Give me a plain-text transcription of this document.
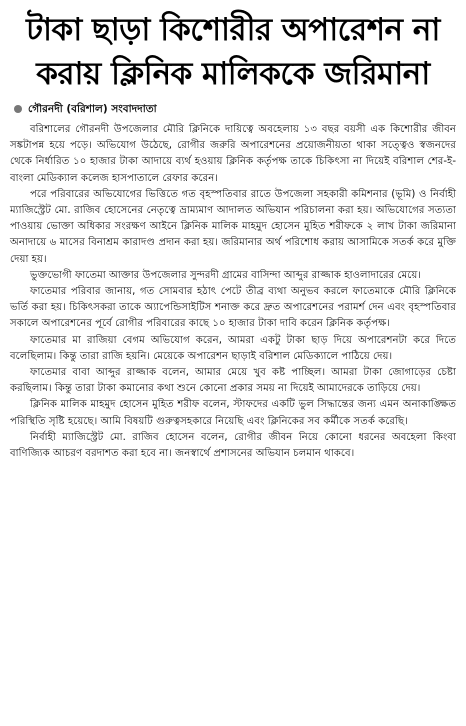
টাকা ছাড়া কিশোরীর অপারেশন না করায় ক্লিনিক মালিককে জরিমানা
গৌরনদী (বরিশাল) সংবাদদাতা

বরিশালের গৌরনদী উপজেলার মৌরি ক্লিনিকে দায়িত্বে অবহেলায় ১৩ বছর বয়সী এক কিশোরীর জীবন সঙ্কটাপন্ন হয়ে পড়ে। অভিযোগ উঠেছে, রোগীর জরুরি অপারেশনের প্রয়োজনীয়তা থাকা সত্ত্বেও স্বজনদের থেকে নির্ধারিত ১০ হাজার টাকা আদায়ে ব্যর্থ হওয়ায় ক্লিনিক কর্তৃপক্ষ তাকে চিকিৎসা না দিয়েই বরিশাল শের-ই-বাংলা মেডিক্যাল কলেজ হাসপাতালে রেফার করেন।

পরে পরিবারের অভিযোগের ভিত্তিতে গত বৃহস্পতিবার রাতে উপজেলা সহকারী কমিশনার (ভূমি) ও নির্বাহী ম্যাজিস্ট্রেট মো. রাজিব হোসেনের নেতৃত্বে ভ্রাম্যমাণ আদালত অভিযান পরিচালনা করা হয়। অভিযোগের সত্যতা পাওয়ায় ভোক্তা অধিকার সংরক্ষণ আইনে ক্লিনিক মালিক মাহমুদ হোসেন মুহিত শরীফকে ২ লাখ টাকা জরিমানা অনাদায়ে ৬ মাসের বিনাশ্রম কারাদণ্ড প্রদান করা হয়। জরিমানার অর্থ পরিশোধ করায় আসামিকে সতর্ক করে মুক্তি দেয়া হয়।

ভুক্তভোগী ফাতেমা আক্তার উপজেলার সুন্দরদী গ্রামের বাসিন্দা আব্দুর রাজ্জাক হাওলাদারের মেয়ে।

ফাতেমার পরিবার জানায়, গত সোমবার হঠাৎ পেটে তীব্র ব্যথা অনুভব করলে ফাতেমাকে মৌরি ক্লিনিকে ভর্তি করা হয়। চিকিৎসকরা তাকে অ্যাপেন্ডিসাইটিস শনাক্ত করে দ্রুত অপারেশনের পরামর্শ দেন এবং বৃহস্পতিবার সকালে অপারেশনের পূর্বে রোগীর পরিবারের কাছে ১০ হাজার টাকা দাবি করেন ক্লিনিক কর্তৃপক্ষ।

ফাতেমার মা রাজিয়া বেগম অভিযোগ করেন, আমরা একটু টাকা ছাড় দিয়ে অপারেশনটা করে দিতে বলেছিলাম। কিন্তু তারা রাজি হয়নি। মেয়েকে অপারেশন ছাড়াই বরিশাল মেডিক্যালে পাঠিয়ে দেয়।

ফাতেমার বাবা আব্দুর রাজ্জাক বলেন, আমার মেয়ে খুব কষ্ট পাচ্ছিল। আমরা টাকা জোগাড়ের চেষ্টা করছিলাম। কিন্তু তারা টাকা কমানোর কথা শুনে কোনো প্রকার সময় না দিয়েই আমাদেরকে তাড়িয়ে দেয়।

ক্লিনিক মালিক মাহমুদ হোসেন মুহিত শরীফ বলেন, স্টাফদের একটি ভুল সিদ্ধান্তের জন্য এমন অনাকাঙ্ক্ষিত পরিস্থিতি সৃষ্টি হয়েছে। আমি বিষয়টি গুরুত্বসহকারে নিয়েছি এবং ক্লিনিকের সব কর্মীকে সতর্ক করেছি।

নির্বাহী ম্যাজিস্ট্রেট মো. রাজিব হোসেন বলেন, রোগীর জীবন নিয়ে কোনো ধরনের অবহেলা কিংবা বাণিজ্যিক আচরণ বরদাশত করা হবে না। জনস্বার্থে প্রশাসনের অভিযান চলমান থাকবে।
